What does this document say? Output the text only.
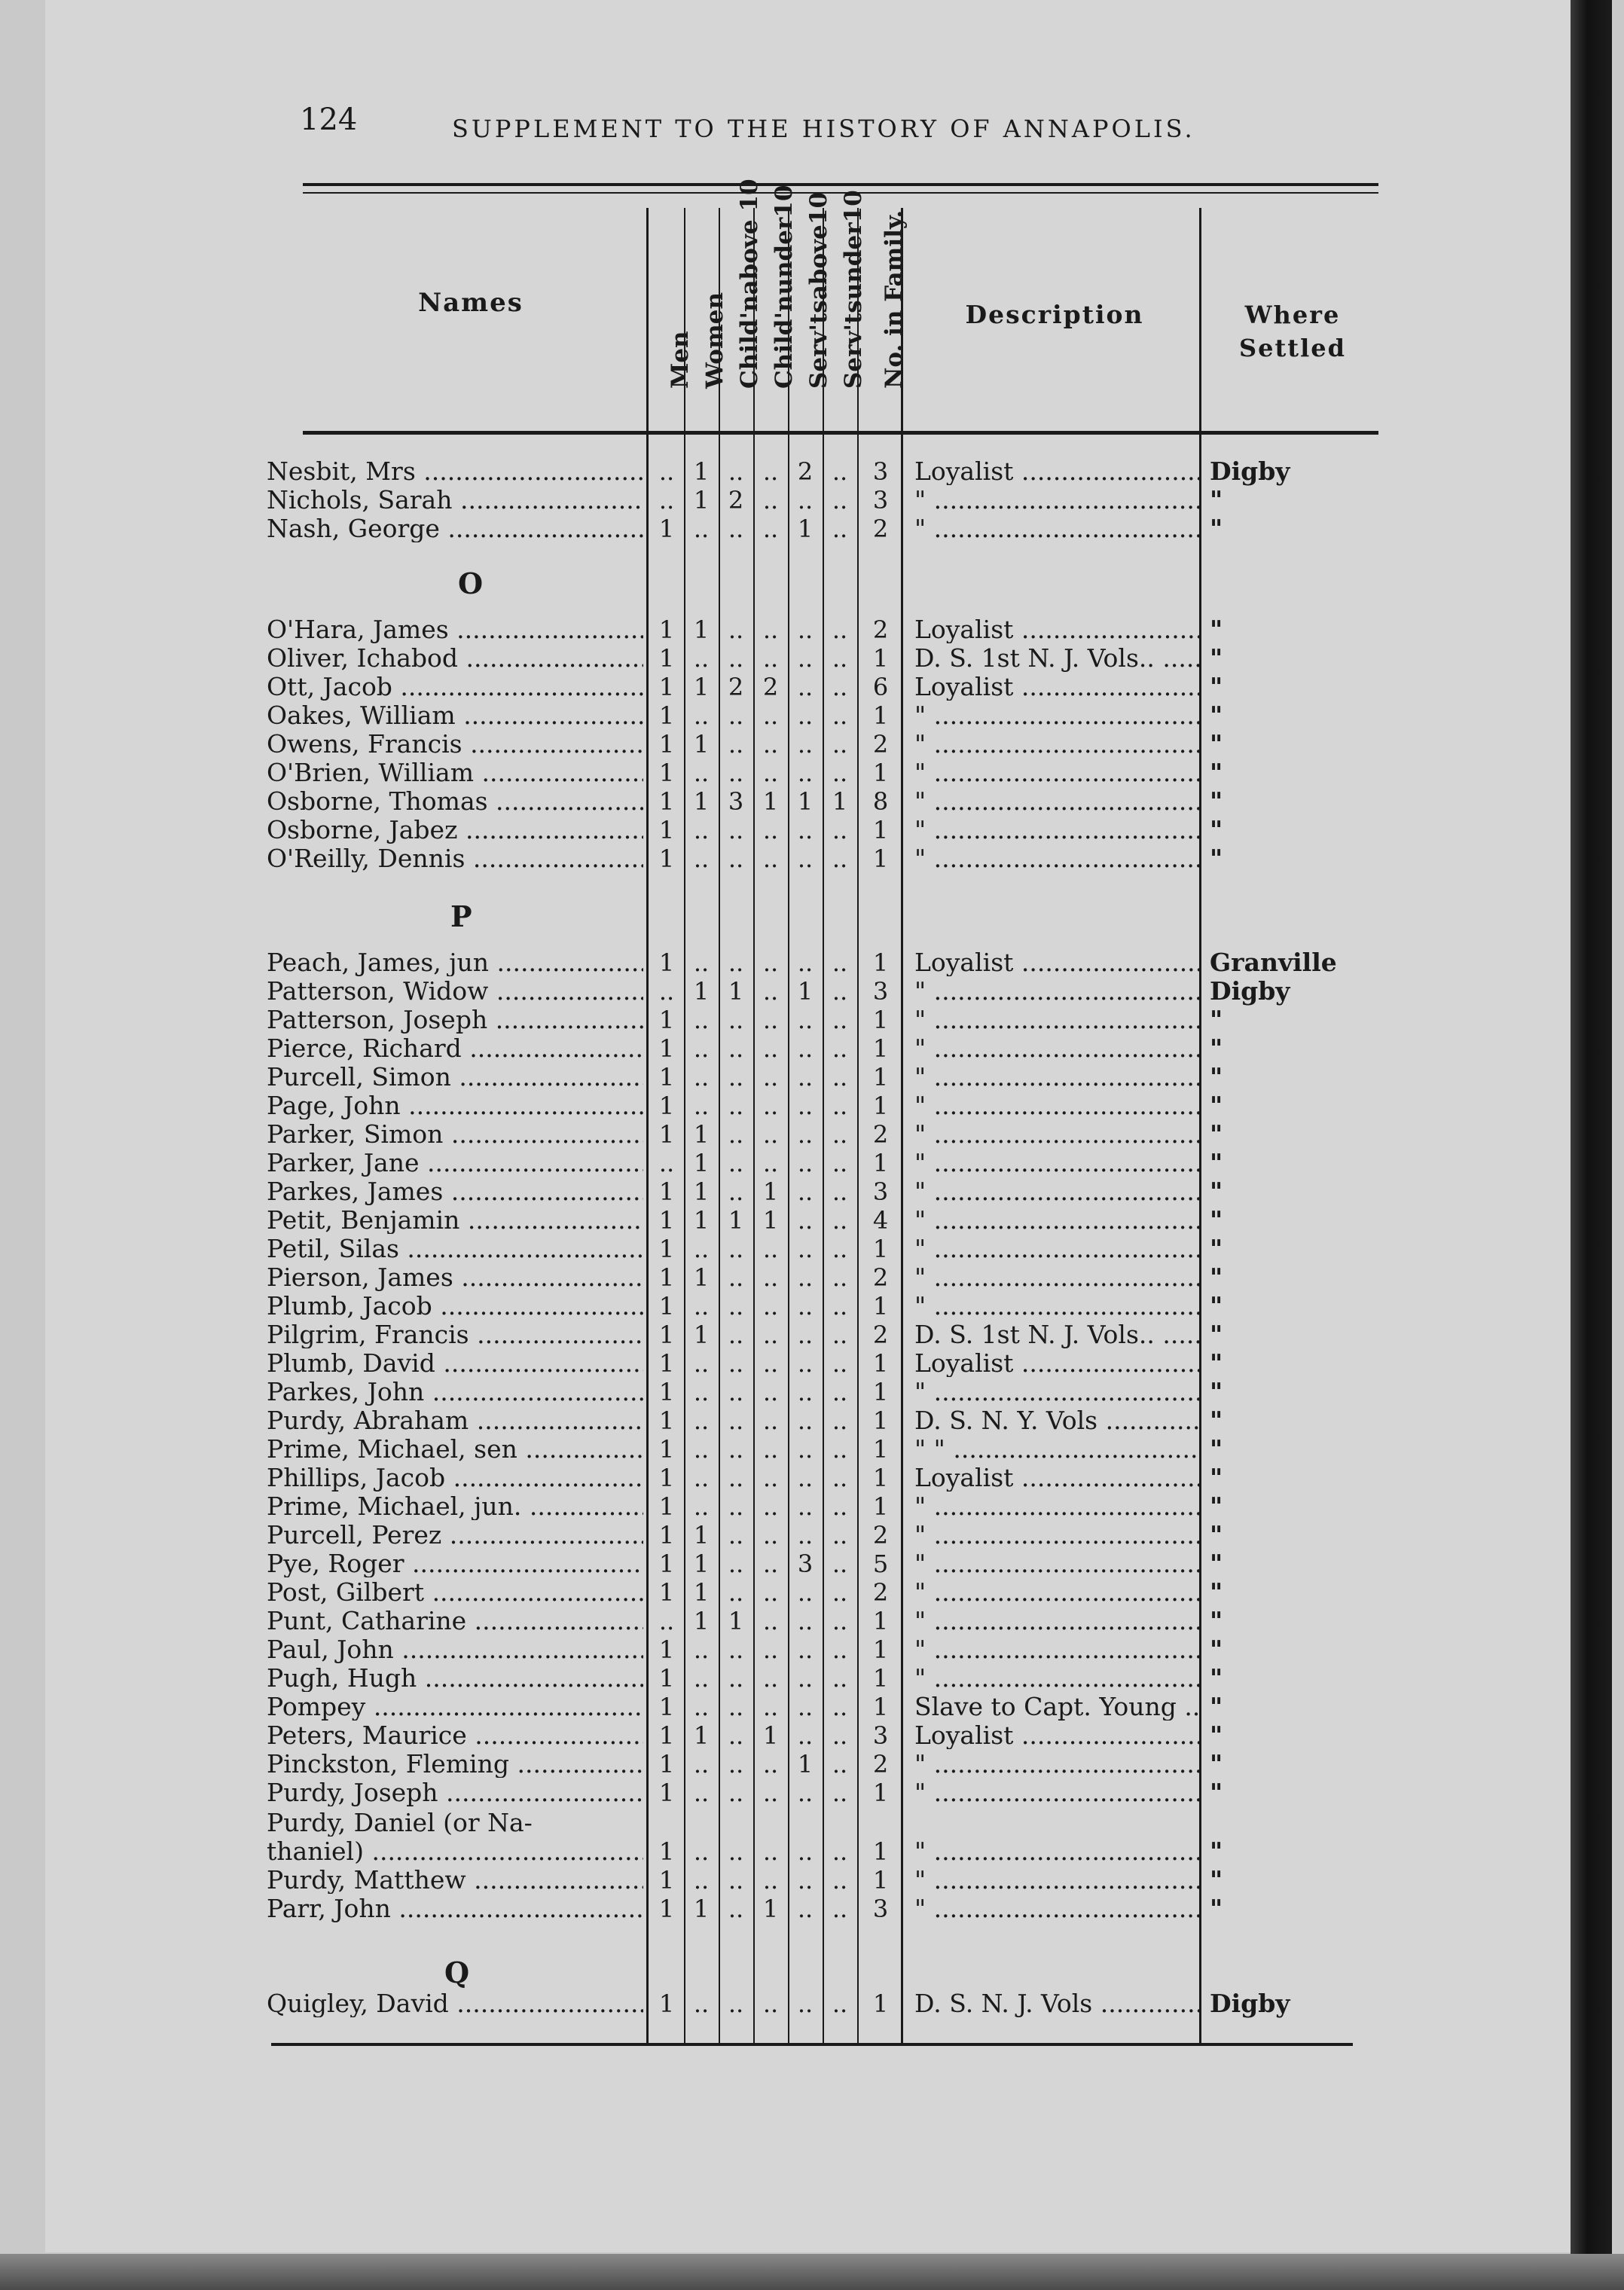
124	SUPPLEMENT TO THE HISTORY OF ANNAPOLIS.
Names
Men Women Child'nabove 10 Child'nunder10 Serv'tsabove10 Serv'tsunder10 No. in Family.	Description	Where
Settled
O
P
Q
Nesbit, Mrs .....	.. 1 .. .. 2 ..	3	Loyalist .....	Digby
Nichols, Sarah .....	.. 1 2 .. .. ..	3	" .....	"
Nash, George .....	1 .. .. .. 1 ..	2	" .....	"
O'Hara, James .....	1 1 .. .. .. ..	2	Loyalist .....	"
Oliver, Ichabod .....	1 .. .. .. .. ..	1	D. S. 1st N. J. Vols.. .....	"
Ott, Jacob .....	1 1 2 2 .. ..	6	Loyalist .....	"
Oakes, William .....	1 .. .. .. .. ..	1	" .....	"
Owens, Francis .....	1 1 .. .. .. ..	2	" .....	"
O'Brien, William .....	1 .. .. .. .. ..	1	" .....	"
Osborne, Thomas .....	1 1 3 1 1 1	8	" .....	"
Osborne, Jabez .....	1 .. .. .. .. ..	1	" .....	"
O'Reilly, Dennis .....	1 .. .. .. .. ..	1	" .....	"
Peach, James, jun .....	1 .. .. .. .. ..	1	Loyalist .....	Granville
Patterson, Widow .....	.. 1 1 .. 1 ..	3	" .....	Digby
Patterson, Joseph .....	1 .. .. .. .. ..	1	" .....	"
Pierce, Richard .....	1 .. .. .. .. ..	1	" .....	"
Purcell, Simon .....	1 .. .. .. .. ..	1	" .....	"
Page, John .....	1 .. .. .. .. ..	1	" .....	"
Parker, Simon .....	1 1 .. .. .. ..	2	" .....	"
Parker, Jane .....	.. 1 .. .. .. ..	1	" .....	"
Parkes, James .....	1 1 .. 1 .. ..	3	" .....	"
Petit, Benjamin .....	1 1 1 1 .. ..	4	" .....	"
Petil, Silas .....	1 .. .. .. .. ..	1	" .....	"
Pierson, James .....	1 1 .. .. .. ..	2	" .....	"
Plumb, Jacob .....	1 .. .. .. .. ..	1	" .....	"
Pilgrim, Francis .....	1 1 .. .. .. ..	2	D. S. 1st N. J. Vols.. .....	"
Plumb, David .....	1 .. .. .. .. ..	1	Loyalist .....	"
Parkes, John .....	1 .. .. .. .. ..	1	" .....	"
Purdy, Abraham .....	1 .. .. .. .. ..	1	D. S. N. Y. Vols .....	"
Prime, Michael, sen .....	1 .. .. .. .. ..	1	" " .....	"
Phillips, Jacob .....	1 .. .. .. .. ..	1	Loyalist .....	"
Prime, Michael, jun. .....	1 .. .. .. .. ..	1	" .....	"
Purcell, Perez .....	1 1 .. .. .. ..	2	" .....	"
Pye, Roger .....	1 1 .. .. 3 ..	5	" .....	"
Post, Gilbert .....	1 1 .. .. .. ..	2	" .....	"
Punt, Catharine .....	.. 1 1 .. .. ..	1	" .....	"
Paul, John .....	1 .. .. .. .. ..	1	" .....	"
Pugh, Hugh .....	1 .. .. .. .. ..	1	" .....	"
Pompey .....	1 .. .. .. .. ..	1	Slave to Capt. Young .....	"
Peters, Maurice .....	1 1 .. 1 .. ..	3	Loyalist .....	"
Pinckston, Fleming .....	1 .. .. .. 1 ..	2	" .....	"
Purdy, Joseph .....	1 .. .. .. .. ..	1	" .....	"
Purdy, Daniel (or Na-
thaniel) .....	1 .. .. .. .. ..	1	" .....	"
Purdy, Matthew .....	1 .. .. .. .. ..	1	" .....	"
Parr, John .....	1 1 .. 1 .. ..	3	" .....	"
Quigley, David .....	1 .. .. .. .. ..	1	D. S. N. J. Vols .....	Digby
